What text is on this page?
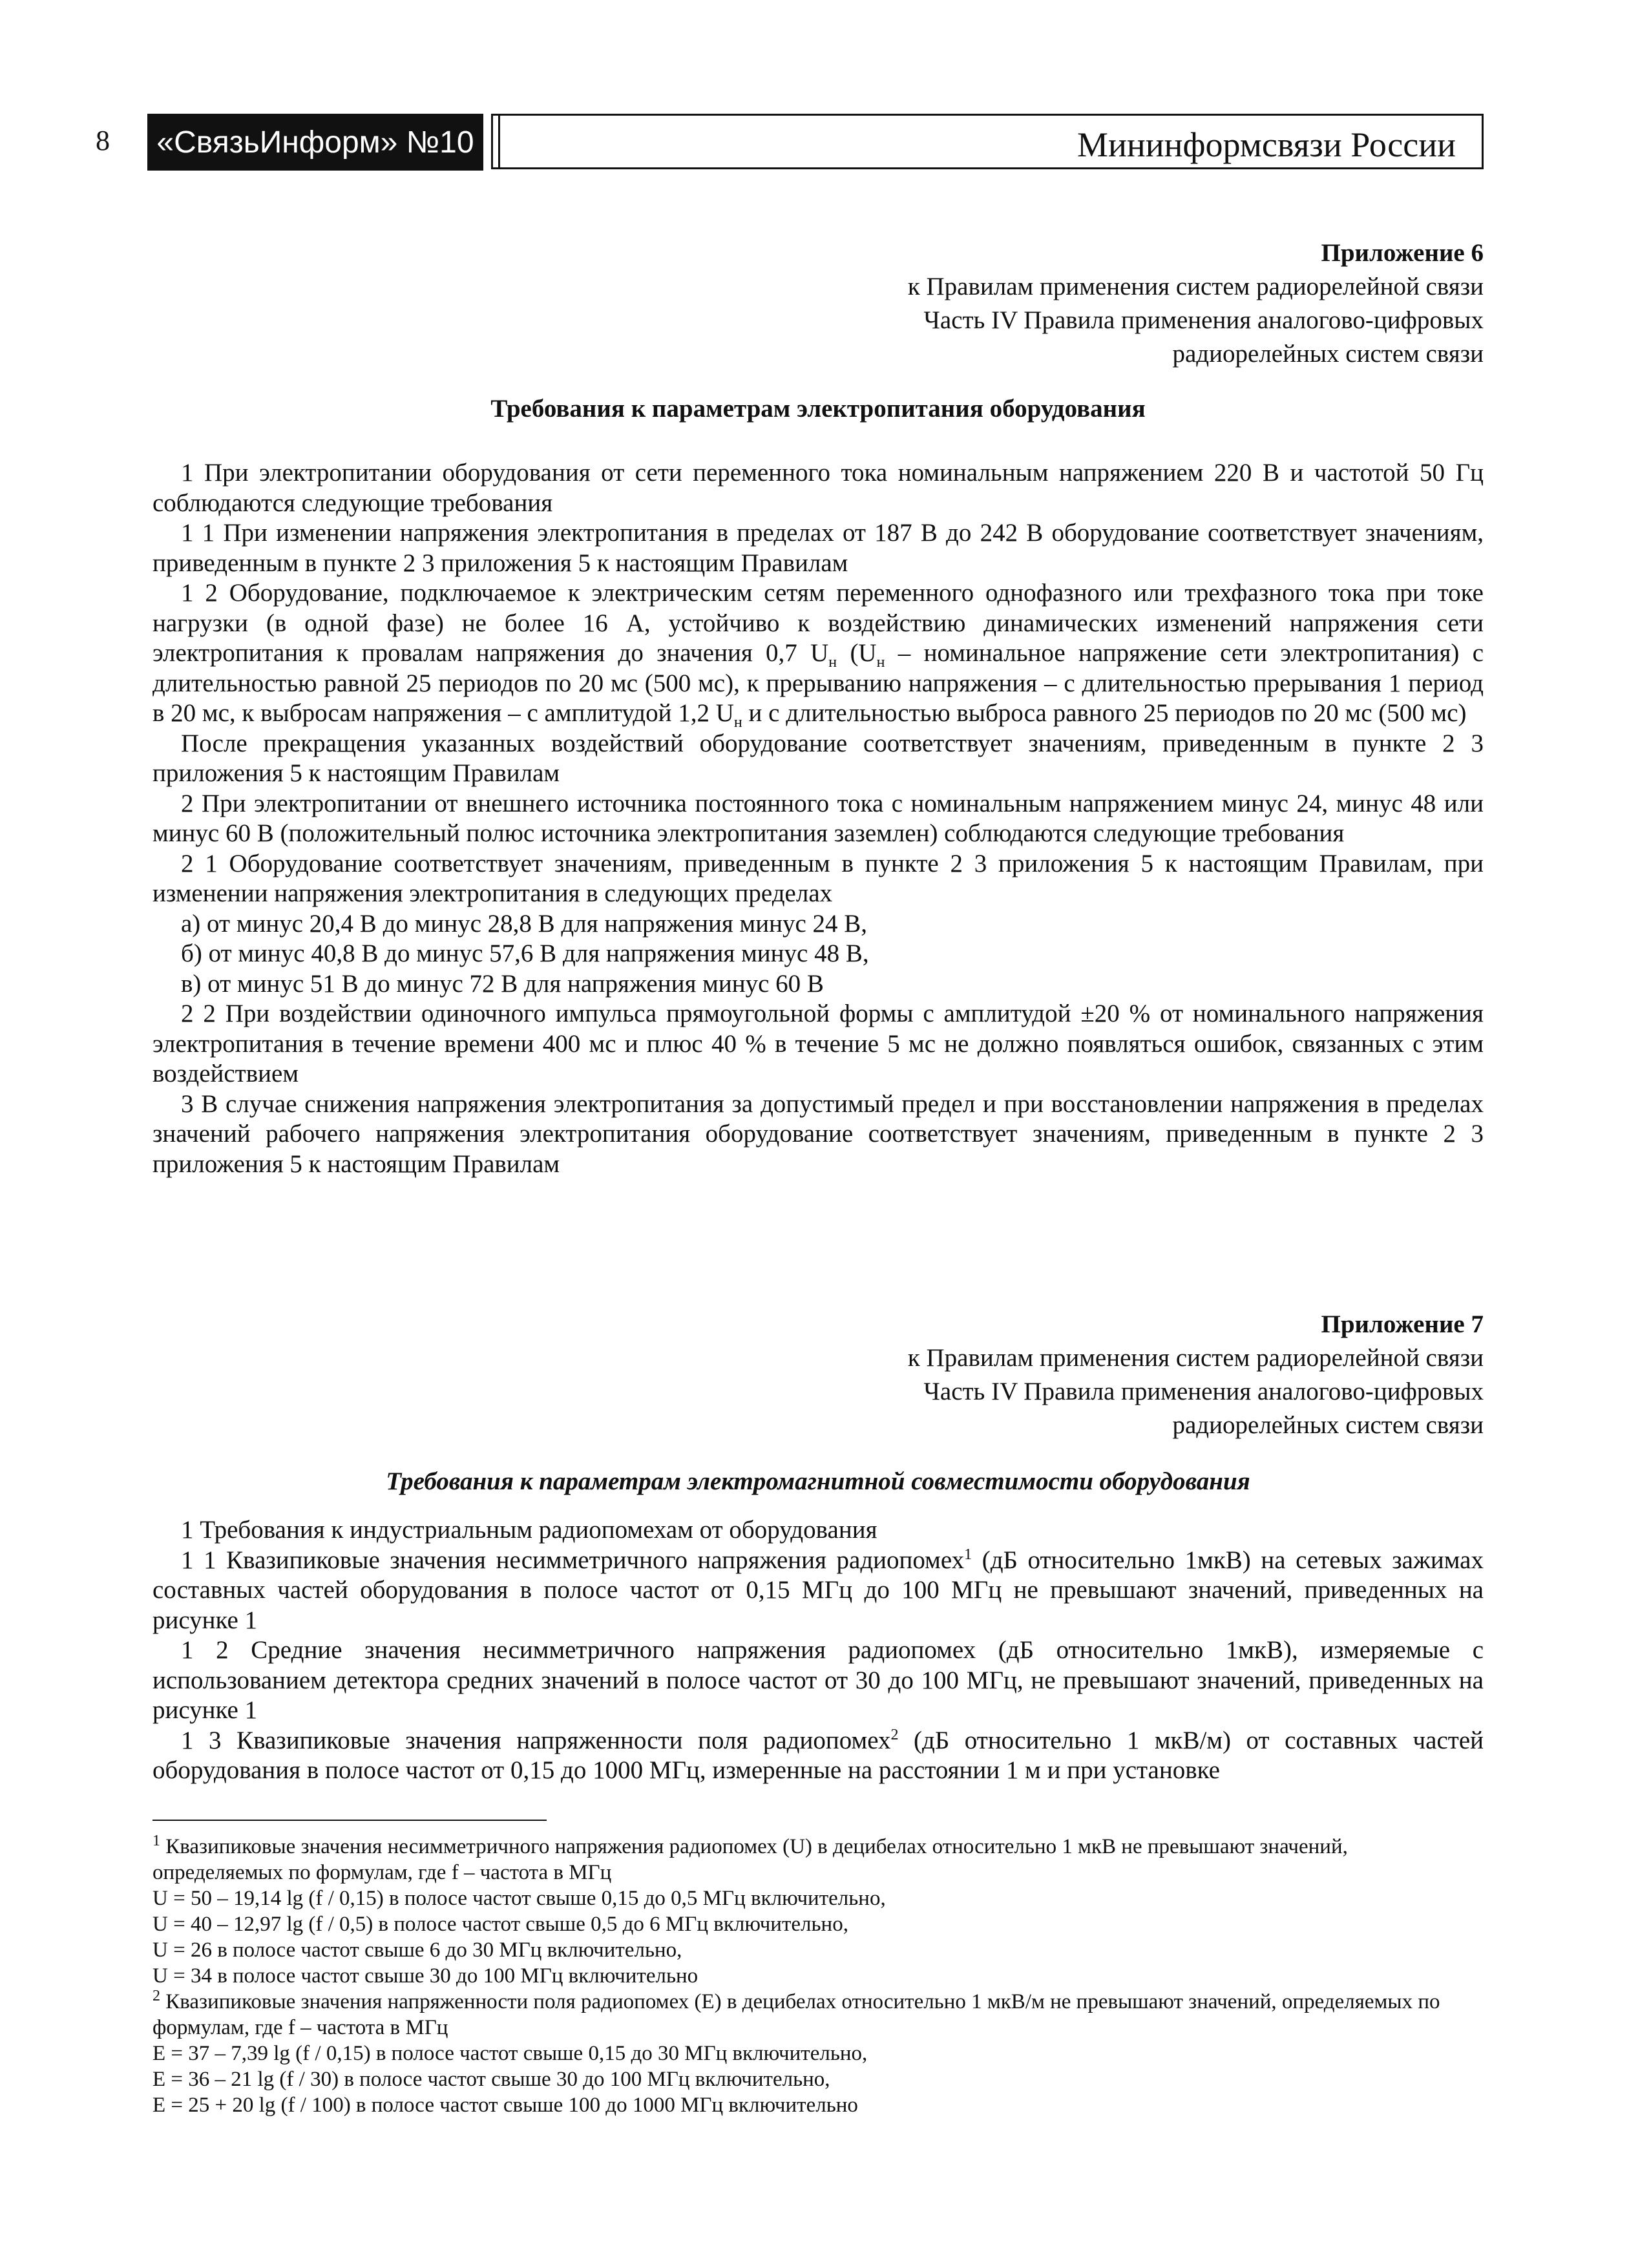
8 «СвязьИнформ» №10	Мининформсвязи России
Приложение 6
к Правилам применения систем радиорелейной связи
Часть IV Правила применения аналогово-цифровых
радиорелейных систем связи

Требования к параметрам электропитания оборудования

1 При электропитании оборудования от сети переменного тока номинальным напряжением 220 В и частотой 50 Гц соблюдаются следующие требования

1 1 При изменении напряжения электропитания в пределах от 187 В до 242 В оборудование соответствует значениям, приведенным в пункте 2 3 приложения 5 к настоящим Правилам

1 2 Оборудование, подключаемое к электрическим сетям переменного однофазного или трехфазного тока при токе нагрузки (в одной фазе) не более 16 А, устойчиво к воздействию динамических изменений напряжения сети электропитания к провалам напряжения до значения 0,7 $U_н$ ($U_н$ – номинальное напряжение сети электропитания) с длительностью равной 25 периодов по 20 мс (500 мс), к прерыванию напряжения – с длительностью прерывания 1 период в 20 мс, к выбросам напряжения – с амплитудой 1,2 $U_н$ и с длительностью выброса равного 25 периодов по 20 мс (500 мс)

После прекращения указанных воздействий оборудование соответствует значениям, приведенным в пункте 2 3 приложения 5 к настоящим Правилам

2 При электропитании от внешнего источника постоянного тока с номинальным напряжением минус 24, минус 48 или минус 60 В (положительный полюс источника электропитания заземлен) соблюдаются следующие требования

2 1 Оборудование соответствует значениям, приведенным в пункте 2 3 приложения 5 к настоящим Правилам, при изменении напряжения электропитания в следующих пределах

а) от минус 20,4 В до минус 28,8 В для напряжения минус 24 В,

б) от минус 40,8 В до минус 57,6 В для напряжения минус 48 В,

в) от минус 51 В до минус 72 В для напряжения минус 60 В

2 2 При воздействии одиночного импульса прямоугольной формы с амплитудой ±20 % от номинального напряжения электропитания в течение времени 400 мс и плюс 40 % в течение 5 мс не должно появляться ошибок, связанных с этим воздействием

3 В случае снижения напряжения электропитания за допустимый предел и при восстановлении напряжения в пределах значений рабочего напряжения электропитания оборудование соответствует значениям, приведенным в пункте 2 3 приложения 5 к настоящим Правилам

Приложение 7
к Правилам применения систем радиорелейной связи
Часть IV Правила применения аналогово-цифровых
радиорелейных систем связи

Требования к параметрам электромагнитной совместимости оборудования

1 Требования к индустриальным радиопомехам от оборудования

1 1 Квазипиковые значения несимметричного напряжения радиопомех$^1$ (дБ относительно 1мкВ) на сетевых зажимах составных частей оборудования в полосе частот от 0,15 МГц до 100 МГц не превышают значений, приведенных на рисунке 1

1 2 Средние значения несимметричного напряжения радиопомех (дБ относительно 1мкВ), измеряемые с использованием детектора средних значений в полосе частот от 30 до 100 МГц, не превышают значений, приведенных на рисунке 1

1 3 Квазипиковые значения напряженности поля радиопомех$^2$ (дБ относительно 1 мкВ/м) от составных частей оборудования в полосе частот от 0,15 до 1000 МГц, измеренные на расстоянии 1 м и при установке

$^1$ Квазипиковые значения несимметричного напряжения радиопомех (U) в децибелах относительно 1 мкВ не превышают значений, определяемых по формулам, где f – частота в МГц

U = 50 – 19,14 lg (f / 0,15) в полосе частот свыше 0,15 до 0,5 МГц включительно,

U = 40 – 12,97 lg (f / 0,5) в полосе частот свыше 0,5 до 6 МГц включительно,

U = 26 в полосе частот свыше 6 до 30 МГц включительно,

U = 34 в полосе частот свыше 30 до 100 МГц включительно

$^2$ Квазипиковые значения напряженности поля радиопомех (Е) в децибелах относительно 1 мкВ/м не превышают значений, определяемых по формулам, где f – частота в МГц

Е = 37 – 7,39 lg (f / 0,15) в полосе частот свыше 0,15 до 30 МГц включительно,

Е = 36 – 21 lg (f / 30) в полосе частот свыше 30 до 100 МГц включительно,

Е = 25 + 20 lg (f / 100) в полосе частот свыше 100 до 1000 МГц включительно
